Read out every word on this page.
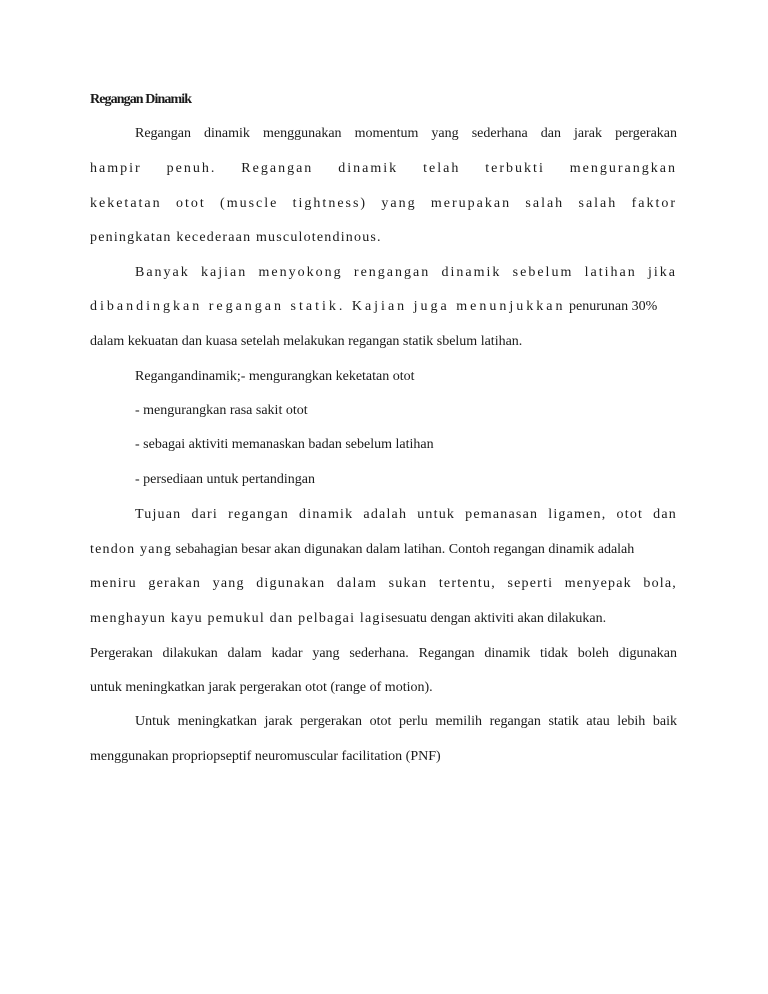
Regangan Dinamik
Regangan dinamik menggunakan momentum yang sederhana dan jarak pergerakan
hampir penuh. Regangan dinamik telah terbukti mengurangkan
keketatan otot (muscle tightness) yang merupakan salah salah faktor
peningkatan kecederaan musculotendinous.
Banyak kajian menyokong rengangan dinamik sebelum latihan jika
dibandingkan regangan statik. Kajian juga menunjukkan penurunan 30%
dalam kekuatan dan kuasa setelah melakukan regangan statik sbelum latihan.
Regangandinamik;- mengurangkan keketatan otot
- mengurangkan rasa sakit otot
- sebagai aktiviti memanaskan badan sebelum latihan
- persediaan untuk pertandingan
Tujuan dari regangan dinamik adalah untuk pemanasan ligamen, otot dan
tendon yang sebahagian besar akan digunakan dalam latihan. Contoh regangan dinamik adalah
meniru gerakan yang digunakan dalam sukan tertentu, seperti menyepak bola,
menghayun kayu pemukul dan pelbagai lagisesuatu dengan aktiviti akan dilakukan.
Pergerakan dilakukan dalam kadar yang sederhana. Regangan dinamik tidak boleh digunakan
untuk meningkatkan jarak pergerakan otot (range of motion).
Untuk meningkatkan jarak pergerakan otot perlu memilih regangan statik atau lebih baik
menggunakan propriopseptif neuromuscular facilitation (PNF)
